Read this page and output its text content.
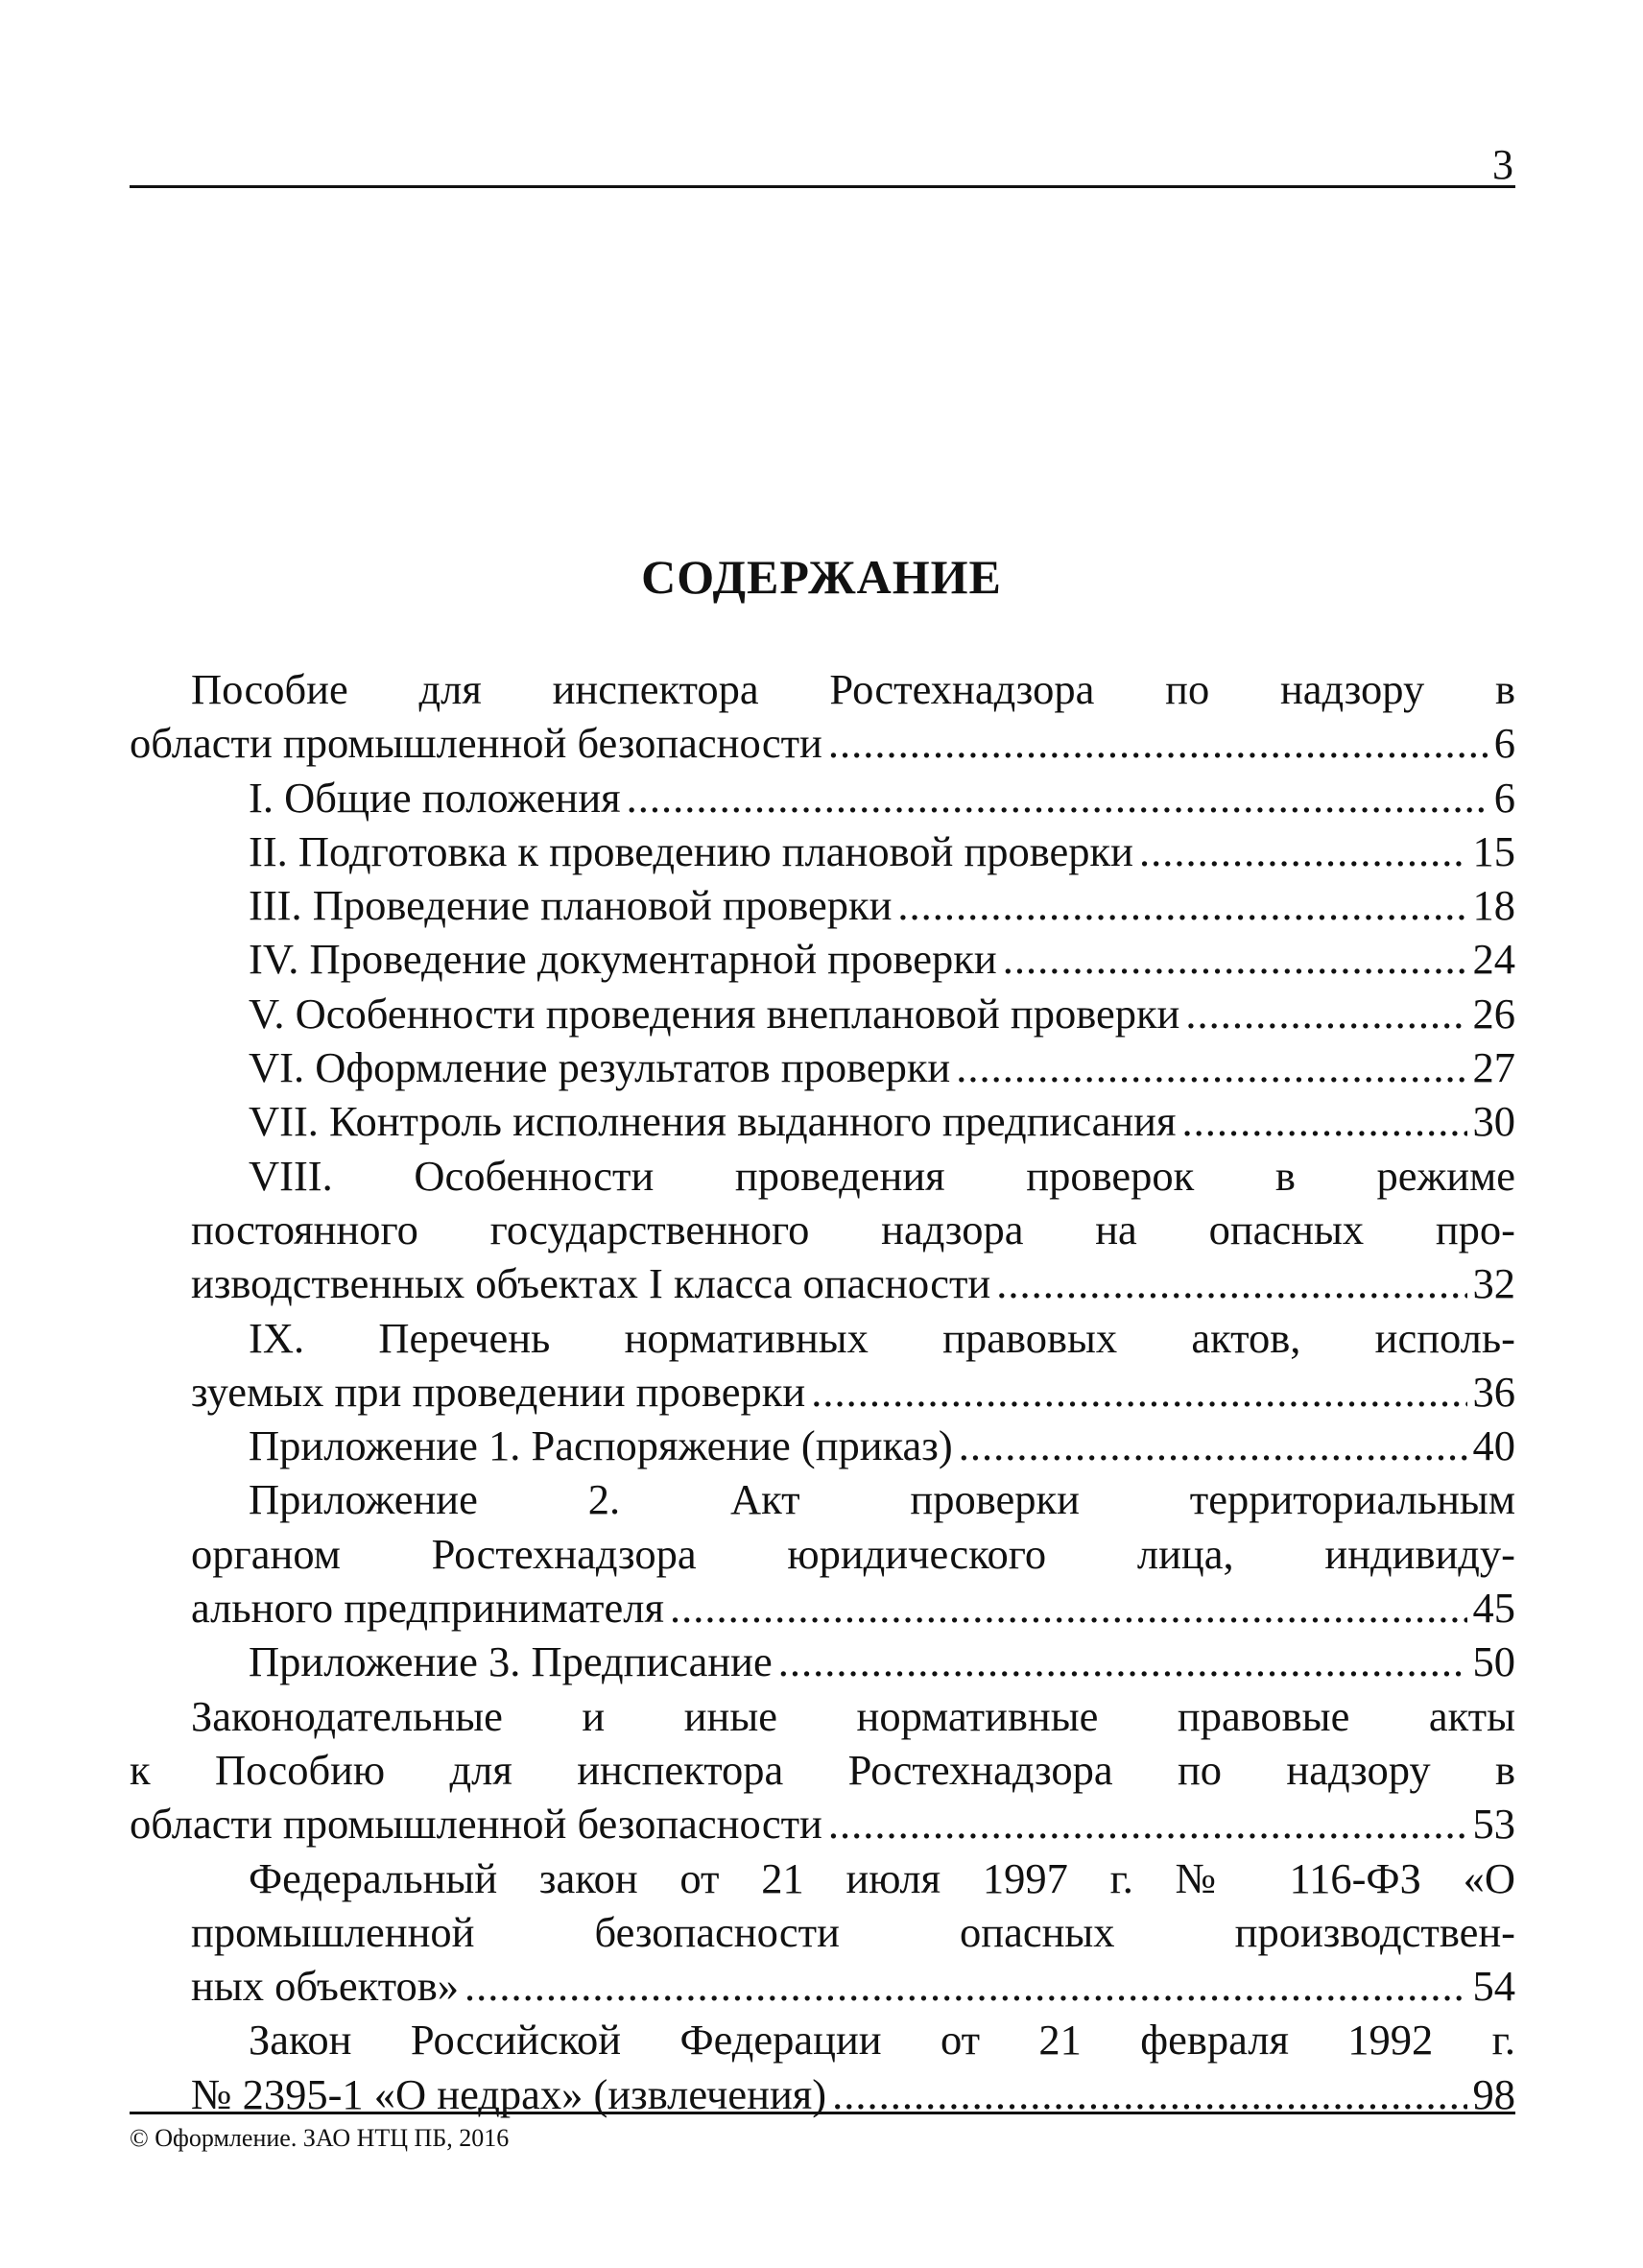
3
СОДЕРЖАНИЕ
Пособие для инспектора Ростехнадзора по надзору в
области промышленной безопасности .....	6
I. Общие положения .....	6
II. Подготовка к проведению плановой проверки .....	15
III. Проведение плановой проверки .....	18
IV. Проведение документарной проверки .....	24
V. Особенности проведения внеплановой проверки .....	26
VI. Оформление результатов проверки .....	27
VII. Контроль исполнения выданного предписания .....	30
VIII. Особенности проведения проверок в режиме
постоянного государственного надзора на опасных про-
изводственных объектах I класса опасности .....	32
IX. Перечень нормативных правовых актов, исполь-
зуемых при проведении проверки .....	36
Приложение 1. Распоряжение (приказ) .....	40
Приложение 2. Акт проверки территориальным
органом Ростехнадзора юридического лица, индивиду-
ального предпринимателя .....	45
Приложение 3. Предписание .....	50
Законодательные и иные нормативные правовые акты
к Пособию для инспектора Ростехнадзора по надзору в
области промышленной безопасности .....	53
Федеральный закон от 21 июля 1997 г. № 116-ФЗ «О
промышленной безопасности опасных производствен-
ных объектов» .....	54
Закон Российской Федерации от 21 февраля 1992 г.
№ 2395-1 «О недрах» (извлечения) .....	98
© Оформление. ЗАО НТЦ ПБ, 2016
